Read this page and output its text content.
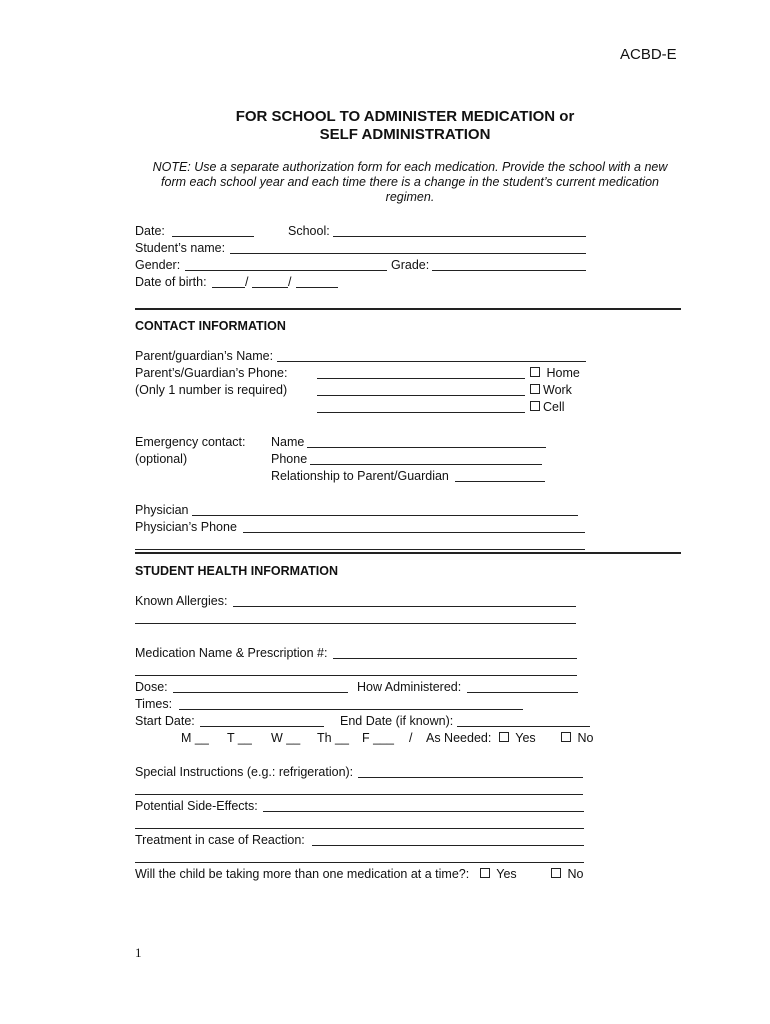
ACBD-E
FOR SCHOOL TO ADMINISTER MEDICATION or
SELF ADMINISTRATION
NOTE: Use a separate authorization form for each medication. Provide the school with a new form each school year and each time there is a change in the student’s current medication regimen.
Date:	School:
Student’s name:
Gender:	Grade:
Date of birth:	/	/
CONTACT INFORMATION
Parent/guardian’s Name:
Parent’s/Guardian’s Phone:
(Only 1 number is required)
Home
Work
Cell
Emergency contact:
(optional)
Name
Phone
Relationship to Parent/Guardian
Physician
Physician’s Phone
STUDENT HEALTH INFORMATION
Known Allergies:
Medication Name & Prescription #:
Dose:	How Administered:
Times:
Start Date:	End Date (if known):
M __ T __ W __ Th __ F ___ / As Needed:	Yes	No
Special Instructions (e.g.: refrigeration):
Potential Side-Effects:
Treatment in case of Reaction:
Will the child be taking more than one medication at a time?:	Yes	No
1
